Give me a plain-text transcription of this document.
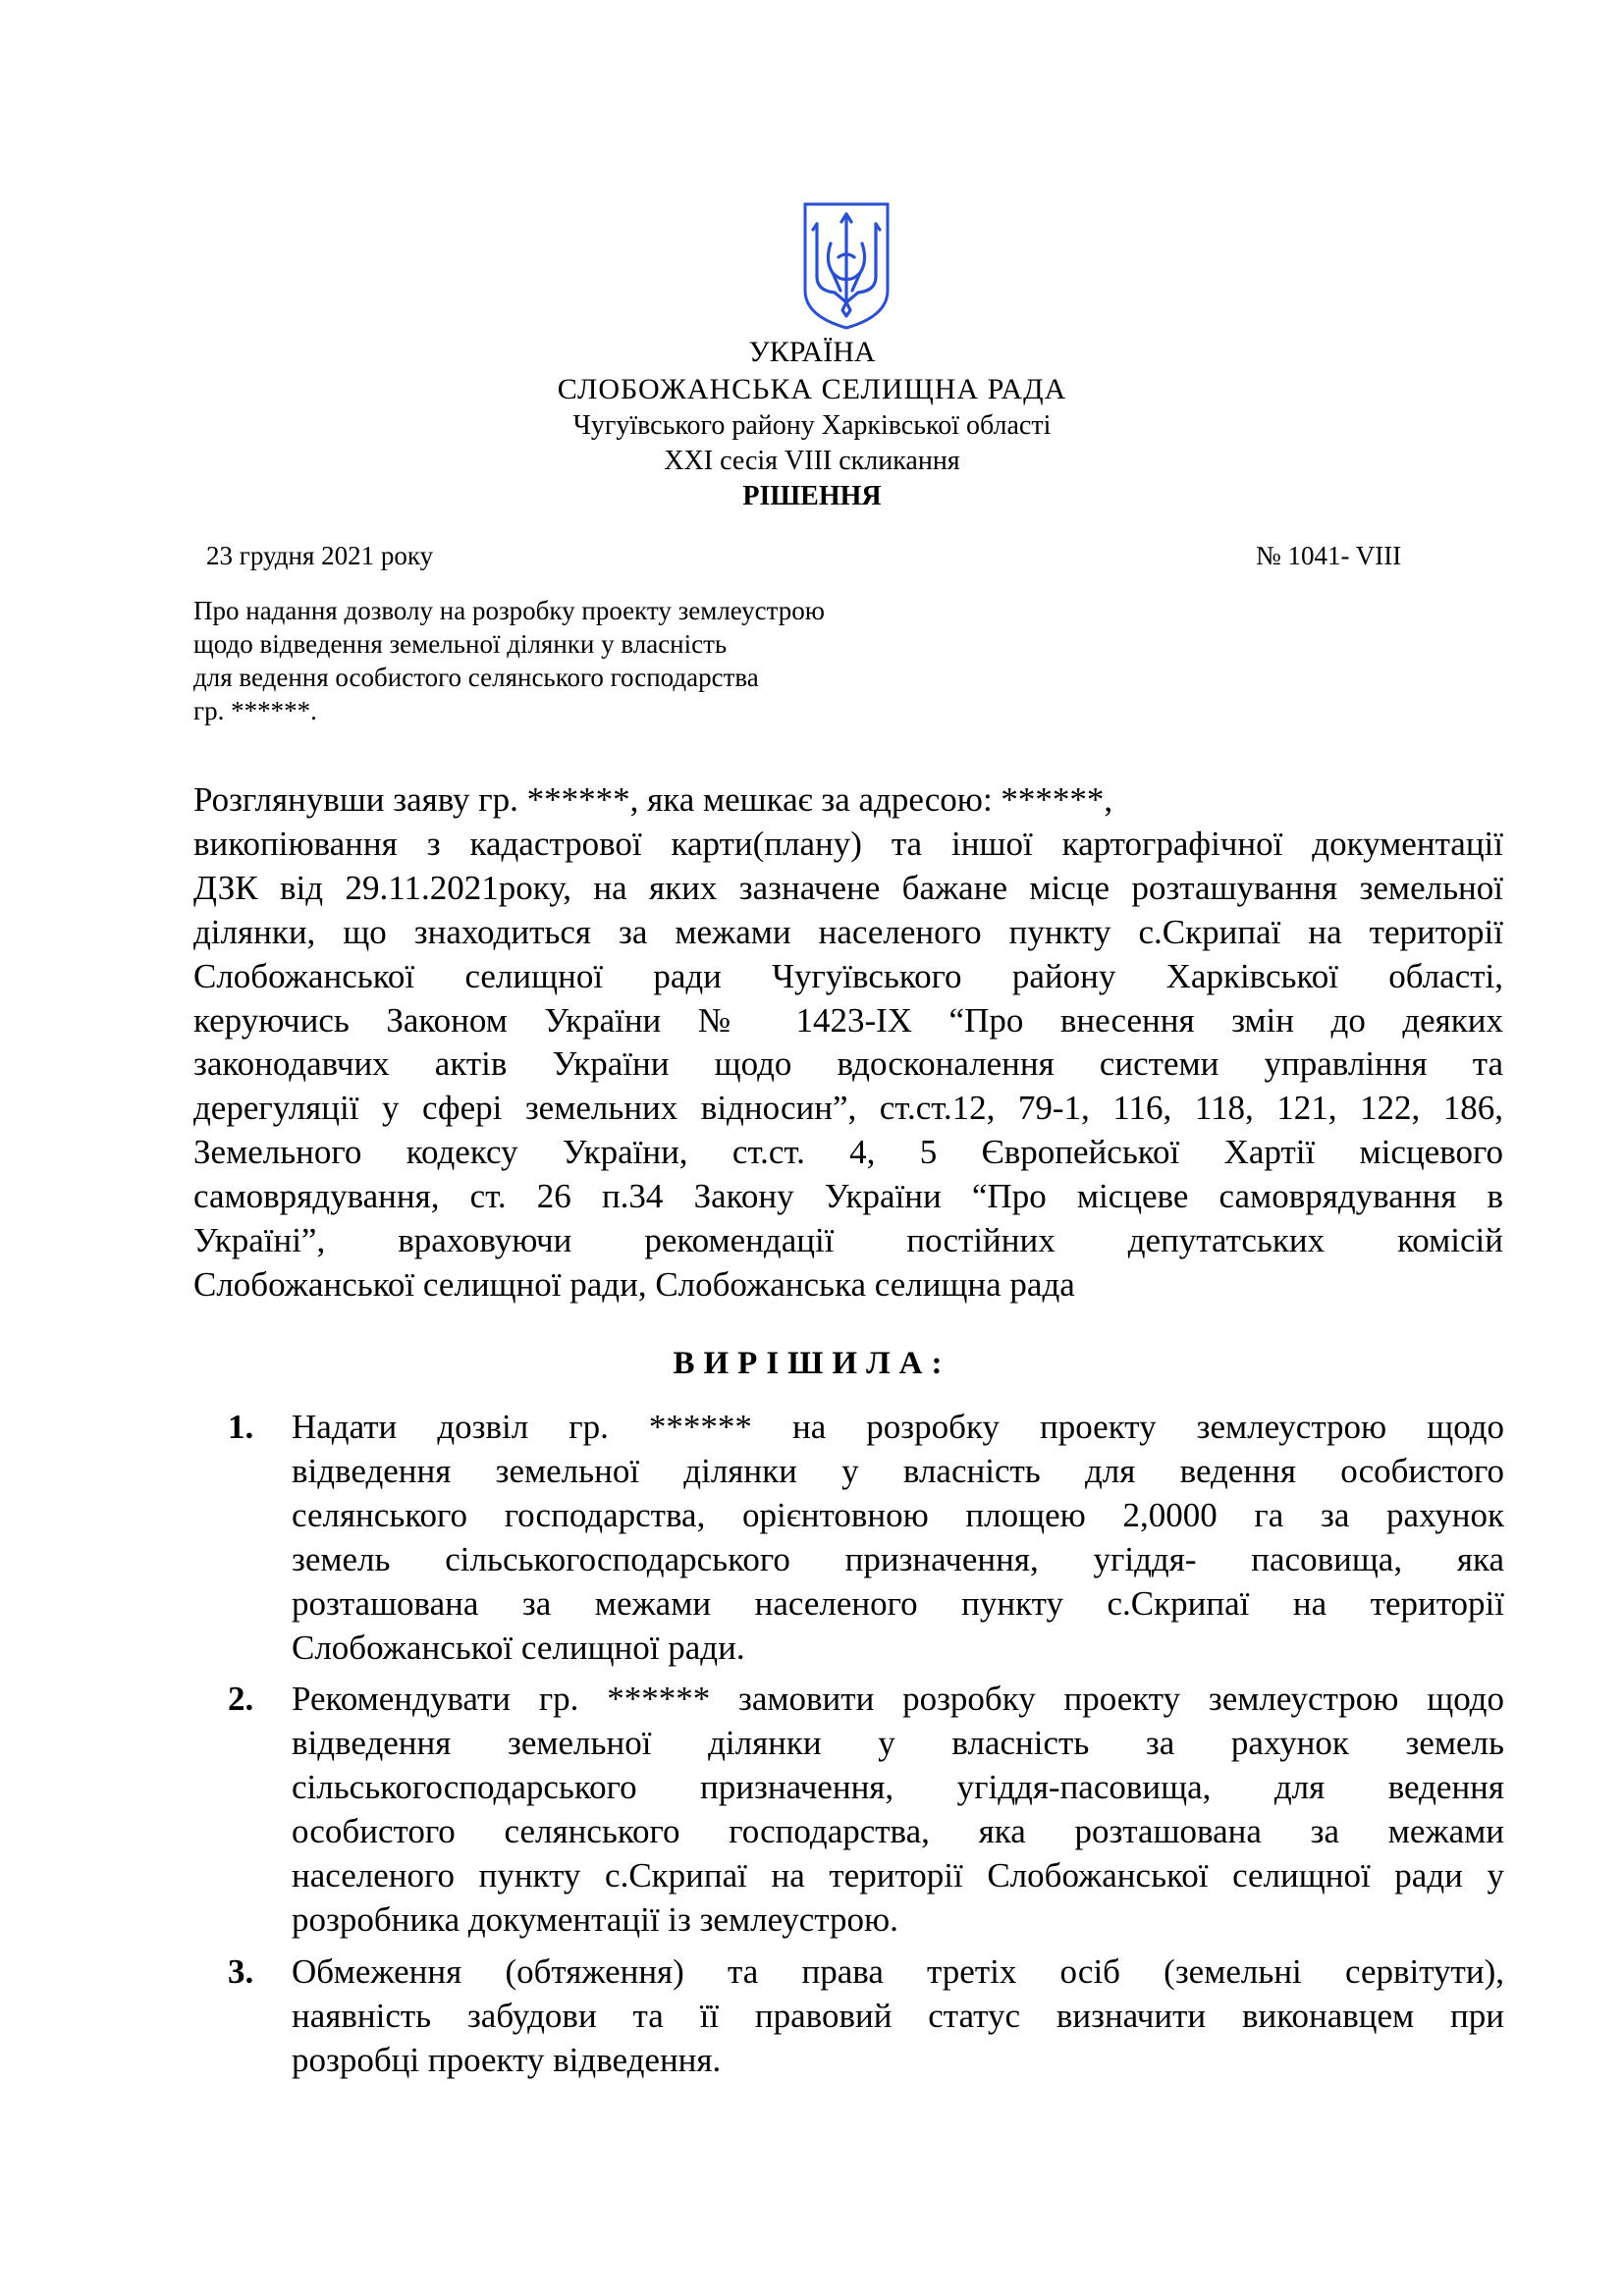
УКРАЇНА
СЛОБОЖАНСЬКА СЕЛИЩНА РАДА
Чугуївського району Харківської області
XXI сесія VIII скликання
РІШЕННЯ
23 грудня 2021 року	№ 1041- VIII
Про надання дозволу на розробку проекту землеустрою
щодо відведення земельної ділянки у власність
для ведення особистого селянського господарства
гр. ******.
Розглянувши заяву гр. ******, яка мешкає за адресою: ******,
викопіювання з кадастрової карти(плану) та іншої картографічної документації
ДЗК від 29.11.2021року, на яких зазначене бажане місце розташування земельної
ділянки, що знаходиться за межами населеного пункту с.Скрипаї на території
Слобожанської селищної ради Чугуївського району Харківської області,
керуючись Законом України № 1423-ІХ “Про внесення змін до деяких
законодавчих актів України щодо вдосконалення системи управління та
дерегуляції у сфері земельних відносин”, ст.ст.12, 79-1, 116, 118, 121, 122, 186,
Земельного кодексу України, ст.ст. 4, 5 Європейської Хартії місцевого
самоврядування, ст. 26 п.34 Закону України “Про місцеве самоврядування в
Україні”, враховуючи рекомендації постійних депутатських комісій
Слобожанської селищної ради, Слобожанська селищна рада
ВИРІШИЛА:
1. Надати дозвіл гр. ****** на розробку проекту землеустрою щодо
відведення земельної ділянки у власність для ведення особистого
селянського господарства, орієнтовною площею 2,0000 га за рахунок
земель сільськогосподарського призначення, угіддя- пасовища, яка
розташована за межами населеного пункту с.Скрипаї на території
Слобожанської селищної ради.
2. Рекомендувати гр. ****** замовити розробку проекту землеустрою щодо
відведення земельної ділянки у власність за рахунок земель
сільськогосподарського призначення, угіддя-пасовища, для ведення
особистого селянського господарства, яка розташована за межами
населеного пункту с.Скрипаї на території Слобожанської селищної ради у
розробника документації із землеустрою.
3. Обмеження (обтяження) та права третіх осіб (земельні сервітути),
наявність забудови та її правовий статус визначити виконавцем при
розробці проекту відведення.
